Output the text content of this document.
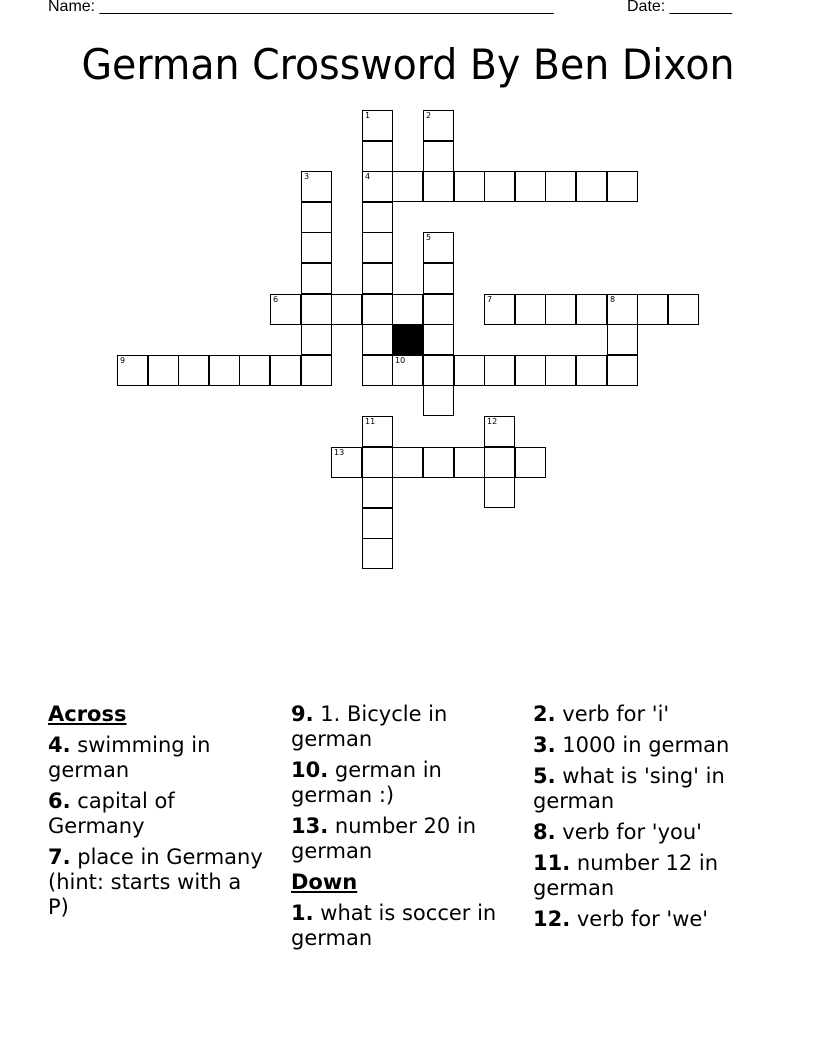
Name: ______________________________________________________	Date: _______
German Crossword By Ben Dixon
1
4
2
3
5
6	7	8
9	10
11	12
13
Across
4. swimming in german
6. capital of Germany
7. place in Germany (hint: starts with a P)
9. 1. Bicycle in german
10. german in german :)
13. number 20 in german
Down
1. what is soccer in german
2. verb for 'i'
3. 1000 in german
5. what is 'sing' in german
8. verb for 'you'
11. number 12 in german
12. verb for 'we'
